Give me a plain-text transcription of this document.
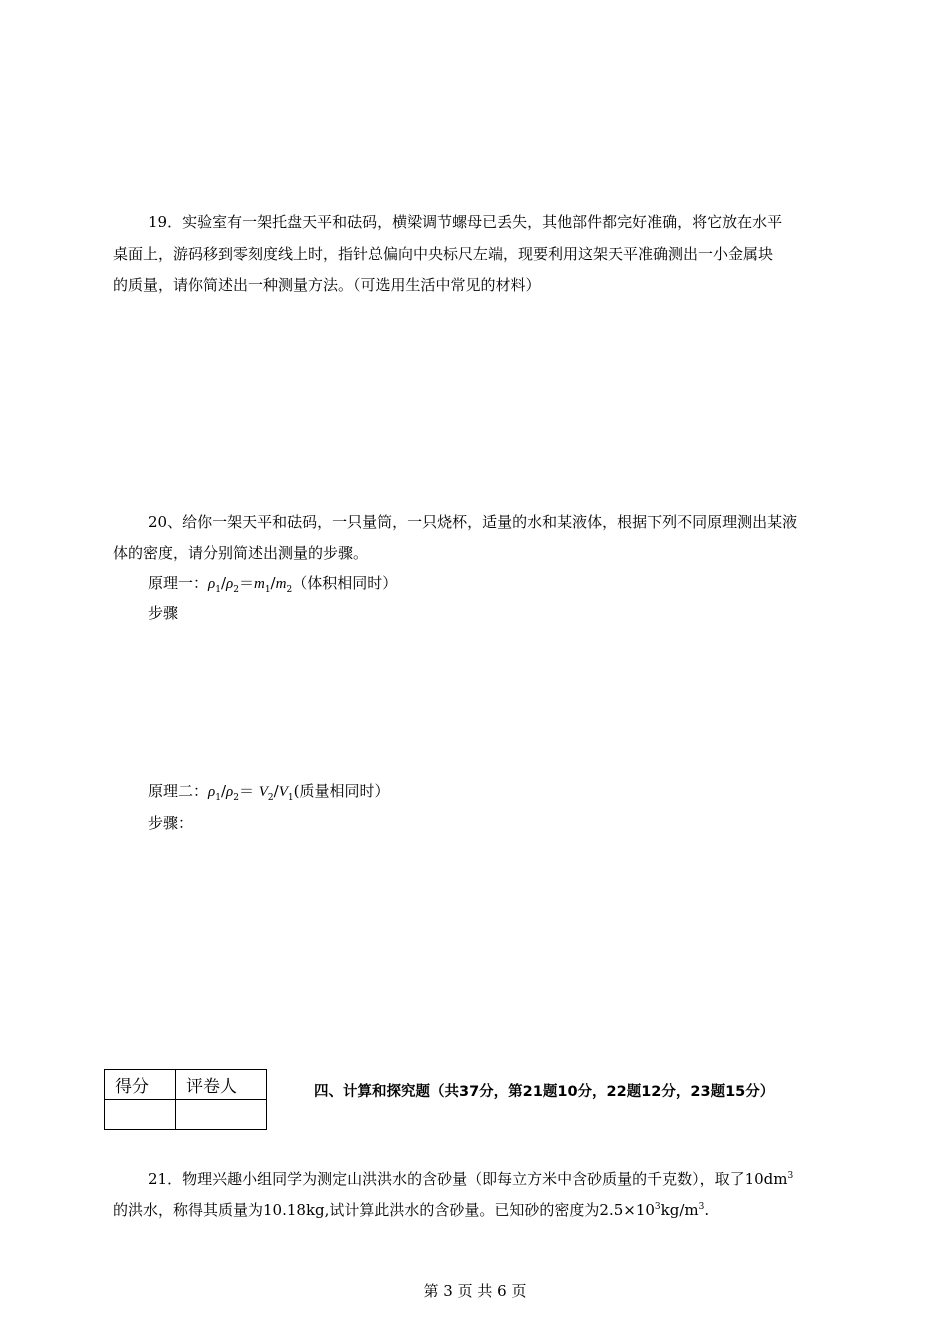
19．实验室有一架托盘天平和砝码，横梁调节螺母已丢失，其他部件都完好准确，将它放在水平
桌面上，游码移到零刻度线上时，指针总偏向中央标尺左端，现要利用这架天平准确测出一小金属块
的质量，请你简述出一种测量方法。（可选用生活中常见的材料）
20、给你一架天平和砝码，一只量筒，一只烧杯，适量的水和某液体，根据下列不同原理测出某液
体的密度，请分别简述出测量的步骤。
原理一：$\rho_1/\rho_2=m_1/m_2$（体积相同时）
步骤
原理二：$\rho_1/\rho_2= V_2/V_1$(质量相同时）
步骤：
得分	评卷人
		四、计算和探究题（共37分，第21题10分，22题12分，23题15分）
21．物理兴趣小组同学为测定山洪洪水的含砂量（即每立方米中含砂质量的千克数），取了$10dm^3$
的洪水，称得其质量为10.18kg,试计算此洪水的含砂量。已知砂的密度为$2.5\times 10^3kg/m^3$.
第 3 页 共 6 页
